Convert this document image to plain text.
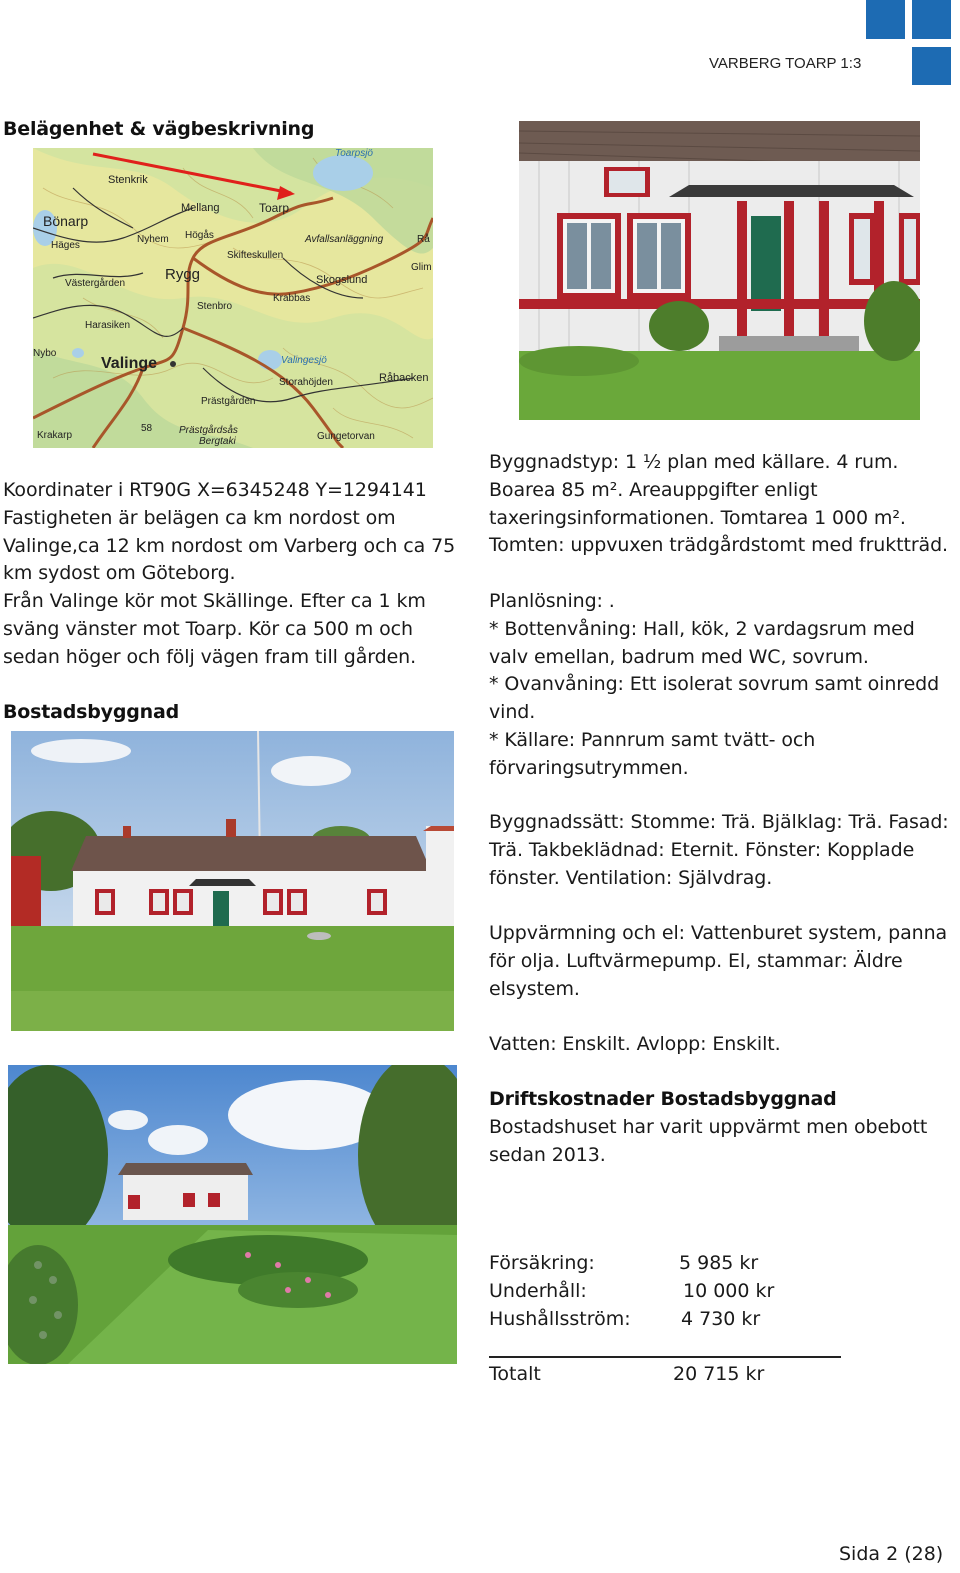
VARBERG TOARP 1:3
Belägenhet & vägbeskrivning
Stenkrik
Bönarp
Häges
Mellang
Högås
Toarp
Toarpsjö
Nyhem
Skifteskullen
Avfallsanläggning
Rygg	Skogslund
Västergården
Stenbro
Krabbas
Harasiken
Nybo
Valinge	Valingesjö
Råbacken
Storahöjden
Prästgården
Krakarp	Prästgårdsås
Bergtaki	Gungetorvan
Glim
Rå
58
Koordinater i RT90G X=6345248 Y=1294141
Fastigheten är belägen ca km nordost om
Valinge,ca 12 km nordost om Varberg och ca 75
km sydost om Göteborg.
Från Valinge kör mot Skällinge. Efter ca 1 km
sväng vänster mot Toarp. Kör ca 500 m och
sedan höger och följ vägen fram till gården.
Bostadsbyggnad
Byggnadstyp: 1 ½ plan med källare. 4 rum.
Boarea 85 m². Areauppgifter enligt
taxeringsinformationen. Tomtarea 1 000 m².
Tomten: uppvuxen trädgårdstomt med fruktträd.
Planlösning: .
* Bottenvåning: Hall, kök, 2 vardagsrum med
valv emellan, badrum med WC, sovrum.
* Ovanvåning: Ett isolerat sovrum samt oinredd
vind.
* Källare: Pannrum samt tvätt- och
förvaringsutrymmen.
Byggnadssätt: Stomme: Trä. Bjälklag: Trä. Fasad:
Trä. Takbeklädnad: Eternit. Fönster: Kopplade
fönster. Ventilation: Självdrag.
Uppvärmning och el: Vattenburet system, panna
för olja. Luftvärmepump. El, stammar: Äldre
elsystem.
Vatten: Enskilt. Avlopp: Enskilt.
Driftskostnader Bostadsbyggnad
Bostadshuset har varit uppvärmt men obebott
sedan 2013.
Försäkring:	5 985 kr
Underhåll:	10 000 kr
Hushållsström:	4 730 kr
Totalt	20 715 kr
Sida 2 (28)
